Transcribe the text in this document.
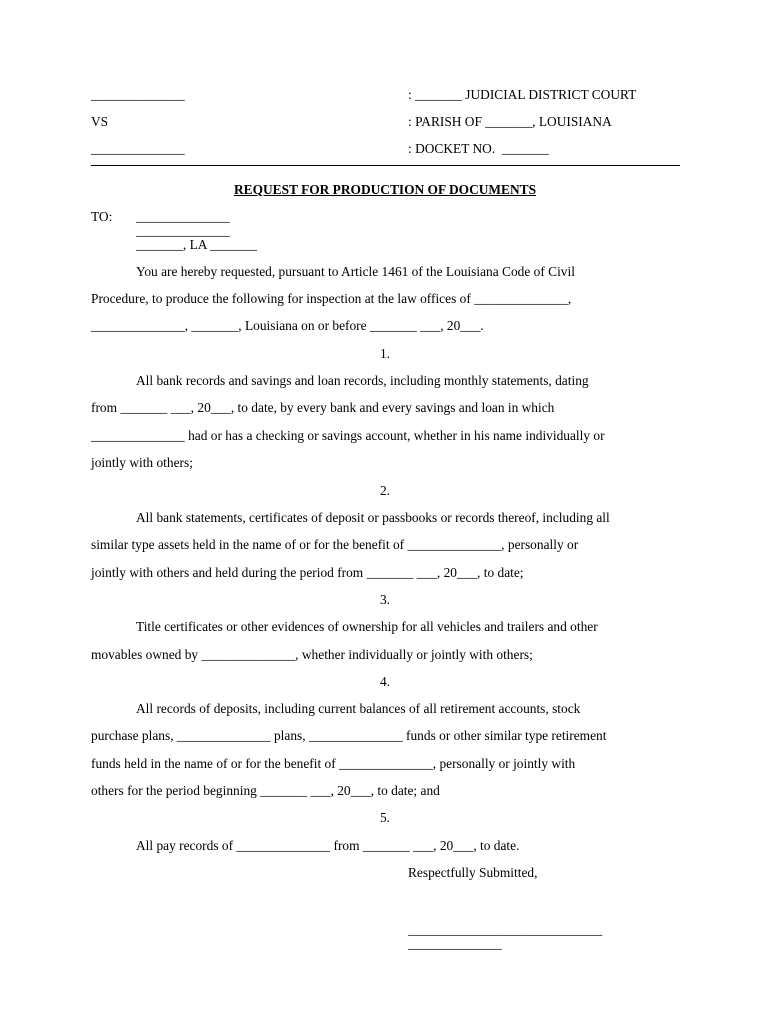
______________	: _______ JUDICIAL DISTRICT COURT
VS	: PARISH OF _______, LOUISIANA
______________	: DOCKET NO.  _______
REQUEST FOR PRODUCTION OF DOCUMENTS
TO: ______________
______________
_______, LA _______
You are hereby requested, pursuant to Article 1461 of the Louisiana Code of Civil
Procedure, to produce the following for inspection at the law offices of ______________,
______________, _______, Louisiana on or before _______ ___, 20___.
1.
All bank records and savings and loan records, including monthly statements, dating
from _______ ___, 20___, to date, by every bank and every savings and loan in which
______________ had or has a checking or savings account, whether in his name individually or
jointly with others;
2.
All bank statements, certificates of deposit or passbooks or records thereof, including all
similar type assets held in the name of or for the benefit of ______________, personally or
jointly with others and held during the period from _______ ___, 20___, to date;
3.
Title certificates or other evidences of ownership for all vehicles and trailers and other
movables owned by ______________, whether individually or jointly with others;
4.
All records of deposits, including current balances of all retirement accounts, stock
purchase plans, ______________ plans, ______________ funds or other similar type retirement
funds held in the name of or for the benefit of ______________, personally or jointly with
others for the period beginning _______ ___, 20___, to date; and
5.
All pay records of ______________ from _______ ___, 20___, to date.
Respectfully Submitted,
_____________________________
______________
